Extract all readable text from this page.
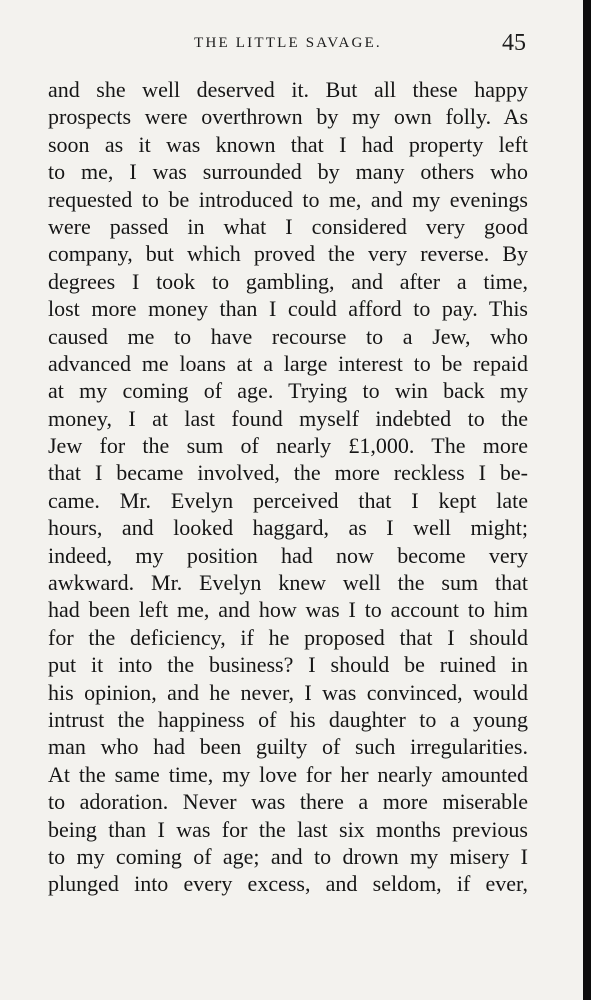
THE LITTLE SAVAGE.	45
and she well deserved it. But all these happy
prospects were overthrown by my own folly. As
soon as it was known that I had property left
to me, I was surrounded by many others who
requested to be introduced to me, and my evenings
were passed in what I considered very good
company, but which proved the very reverse. By
degrees I took to gambling, and after a time,
lost more money than I could afford to pay. This
caused me to have recourse to a Jew, who
advanced me loans at a large interest to be repaid
at my coming of age. Trying to win back my
money, I at last found myself indebted to the
Jew for the sum of nearly £1,000. The more
that I became involved, the more reckless I be-
came. Mr. Evelyn perceived that I kept late
hours, and looked haggard, as I well might;
indeed, my position had now become very
awkward. Mr. Evelyn knew well the sum that
had been left me, and how was I to account to him
for the deficiency, if he proposed that I should
put it into the business? I should be ruined in
his opinion, and he never, I was convinced, would
intrust the happiness of his daughter to a young
man who had been guilty of such irregularities.
At the same time, my love for her nearly amounted
to adoration. Never was there a more miserable
being than I was for the last six months previous
to my coming of age; and to drown my misery I
plunged into every excess, and seldom, if ever,
